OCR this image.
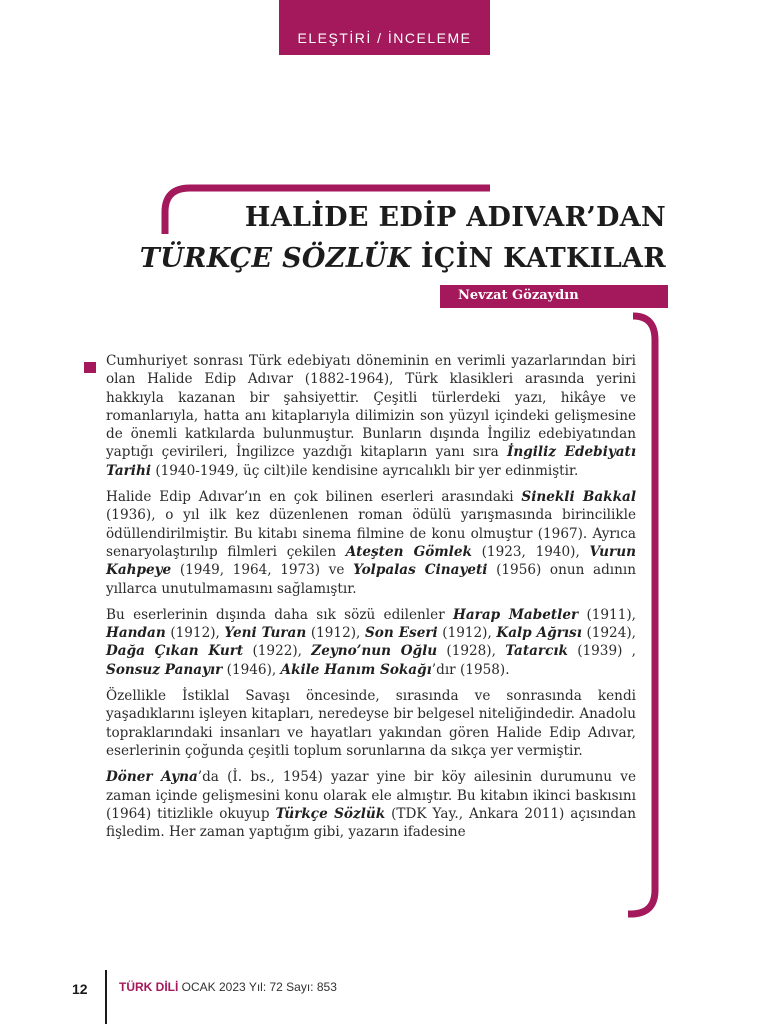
ELEŞTİRİ / İNCELEME
HALİDE EDİP ADIVAR’DAN
TÜRKÇE SÖZLÜK İÇİN KATKILAR
Nevzat Gözaydın

Cumhuriyet sonrası Türk edebiyatı döneminin en verimli yazarlarından biri olan Halide Edip Adıvar (1882-1964), Türk klasikleri arasında yerini hakkıyla kazanan bir şahsiyettir. Çeşitli türlerdeki yazı, hikâye ve romanlarıyla, hatta anı kitaplarıyla dilimizin son yüzyıl içindeki gelişmesine de önemli katkılarda bulunmuştur. Bunların dışında İngiliz edebiyatından yaptığı çevirileri, İngilizce yazdığı kitapların yanı sıra İngiliz Edebiyatı Tarihi (1940-1949, üç cilt)ile kendisine ayrıcalıklı bir yer edinmiştir.

Halide Edip Adıvar’ın en çok bilinen eserleri arasındaki Sinekli Bakkal (1936), o yıl ilk kez düzenlenen roman ödülü yarışmasında birincilikle ödüllendirilmiştir. Bu kitabı sinema filmine de konu olmuştur (1967). Ayrıca senaryolaştırılıp filmleri çekilen Ateşten Gömlek (1923, 1940), Vurun Kahpeye (1949, 1964, 1973) ve Yolpalas Cinayeti (1956) onun adının yıllarca unutulmamasını sağlamıştır.

Bu eserlerinin dışında daha sık sözü edilenler Harap Mabetler (1911), Handan (1912), Yeni Turan (1912), Son Eseri (1912), Kalp Ağrısı (1924), Dağa Çıkan Kurt (1922), Zeyno’nun Oğlu (1928), Tatarcık (1939) , Sonsuz Panayır (1946), Akile Hanım Sokağı’dır (1958).

Özellikle İstiklal Savaşı öncesinde, sırasında ve sonrasında kendi yaşadıklarını işleyen kitapları, neredeyse bir belgesel niteliğindedir. Anadolu topraklarındaki insanları ve hayatları yakından gören Halide Edip Adıvar, eserlerinin çoğunda çeşitli toplum sorunlarına da sıkça yer vermiştir.

Döner Ayna’da (İ. bs., 1954) yazar yine bir köy ailesinin durumunu ve zaman içinde gelişmesini konu olarak ele almıştır. Bu kitabın ikinci baskısını (1964) titizlikle okuyup Türkçe Sözlük (TDK Yay., Ankara 2011) açısından fişledim. Her zaman yaptığım gibi, yazarın ifadesine

12	TÜRK DİLİ OCAK 2023 Yıl: 72 Sayı: 853
